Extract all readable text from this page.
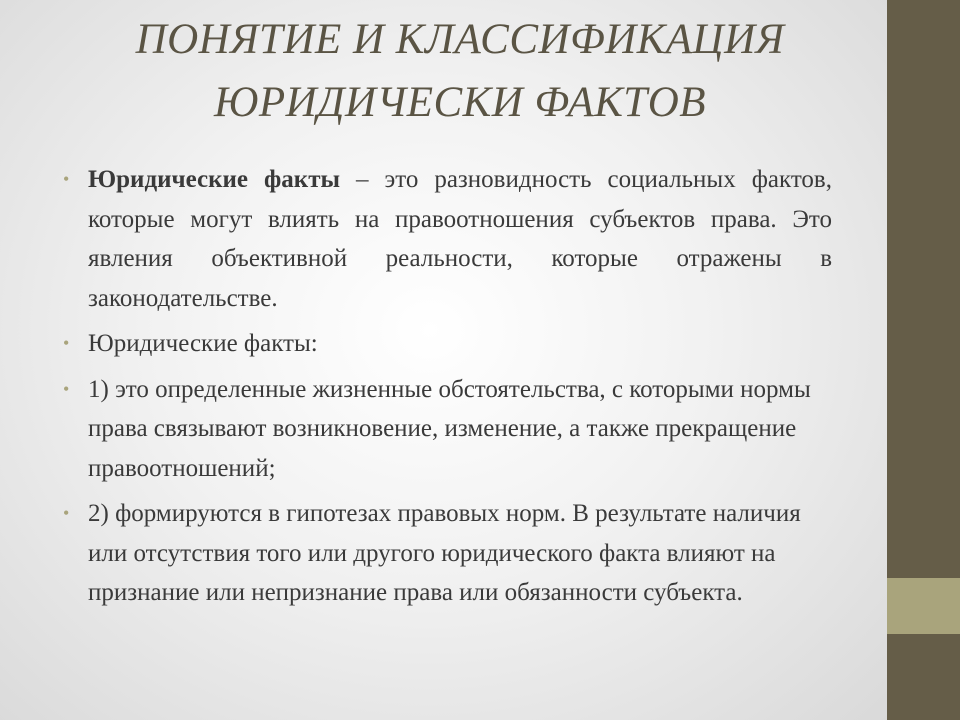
ПОНЯТИЕ И КЛАССИФИКАЦИЯ
ЮРИДИЧЕСКИ ФАКТОВ
• Юридические факты – это разновидность социальных фактов, которые могут влиять на правоотношения субъектов права. Это явления объективной реальности, которые отражены в законодательстве.
• Юридические факты:
• 1) это определенные жизненные обстоятельства, с которыми нормы права связывают возникновение, изменение, а также прекращение правоотношений;
• 2) формируются в гипотезах правовых норм. В результате наличия или отсутствия того или другого юридического факта влияют на признание или непризнание права или обязанности субъекта.
